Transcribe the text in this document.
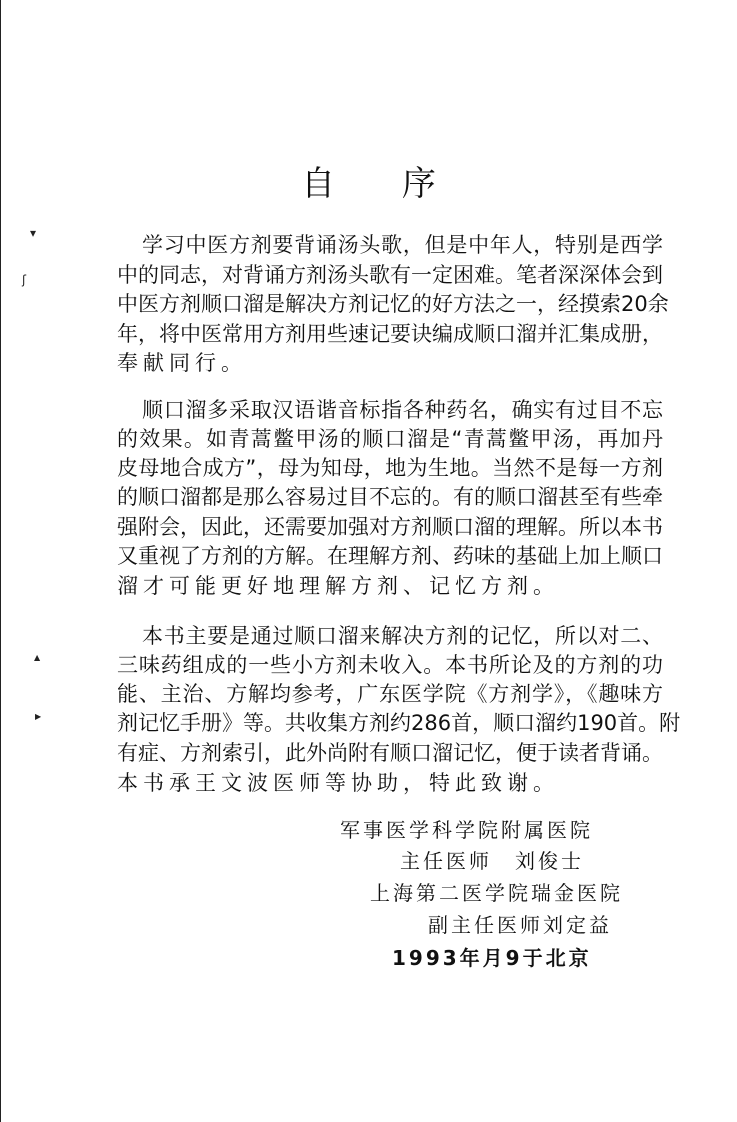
▾
ʃ
▲
▶
自 序
学习中医方剂要背诵汤头歌，但是中年人，特别是西学
中的同志，对背诵方剂汤头歌有一定困难。笔者深深体会到
中医方剂顺口溜是解决方剂记忆的好方法之一，经摸索20余
年，将中医常用方剂用些速记要诀编成顺口溜并汇集成册，
奉献同行。
顺口溜多采取汉语谐音标指各种药名，确实有过目不忘
的效果。如青蒿鳖甲汤的顺口溜是“青蒿鳖甲汤，再加丹
皮母地合成方”，母为知母，地为生地。当然不是每一方剂
的顺口溜都是那么容易过目不忘的。有的顺口溜甚至有些牵
强附会，因此，还需要加强对方剂顺口溜的理解。所以本书
又重视了方剂的方解。在理解方剂、药味的基础上加上顺口
溜才可能更好地理解方剂、记忆方剂。
本书主要是通过顺口溜来解决方剂的记忆，所以对二、
三味药组成的一些小方剂未收入。本书所论及的方剂的功
能、主治、方解均参考，广东医学院《方剂学》，《趣味方
剂记忆手册》等。共收集方剂约286首，顺口溜约190首。附
有症、方剂索引，此外尚附有顺口溜记忆，便于读者背诵。
本书承王文波医师等协助，特此致谢。
军事医学科学院附属医院
主任医师　刘俊士
上海第二医学院瑞金医院
副主任医师刘定益
1993年月9于北京
